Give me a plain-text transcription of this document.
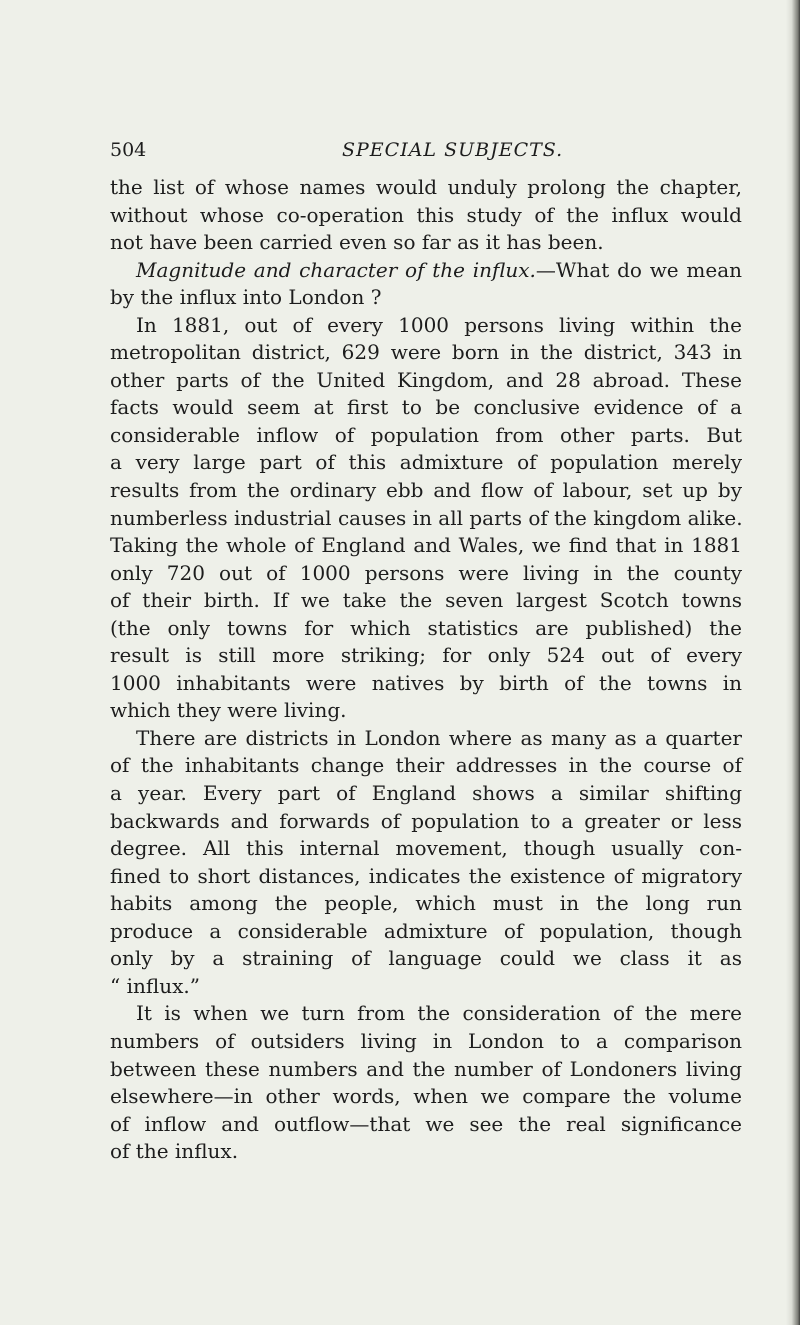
504	SPECIAL SUBJECTS.
the list of whose names would unduly prolong the chapter,
without whose co-operation this study of the influx would
not have been carried even so far as it has been.
Magnitude and character of the influx.—What do we mean
by the influx into London ?
In 1881, out of every 1000 persons living within the
metropolitan district, 629 were born in the district, 343 in
other parts of the United Kingdom, and 28 abroad. These
facts would seem at first to be conclusive evidence of a
considerable inflow of population from other parts. But
a very large part of this admixture of population merely
results from the ordinary ebb and flow of labour, set up by
numberless industrial causes in all parts of the kingdom alike.
Taking the whole of England and Wales, we find that in 1881
only 720 out of 1000 persons were living in the county
of their birth. If we take the seven largest Scotch towns
(the only towns for which statistics are published) the
result is still more striking; for only 524 out of every
1000 inhabitants were natives by birth of the towns in
which they were living.
There are districts in London where as many as a quarter
of the inhabitants change their addresses in the course of
a year. Every part of England shows a similar shifting
backwards and forwards of population to a greater or less
degree. All this internal movement, though usually con-
fined to short distances, indicates the existence of migratory
habits among the people, which must in the long run
produce a considerable admixture of population, though
only by a straining of language could we class it as
“ influx.”
It is when we turn from the consideration of the mere
numbers of outsiders living in London to a comparison
between these numbers and the number of Londoners living
elsewhere—in other words, when we compare the volume
of inflow and outflow—that we see the real significance
of the influx.
